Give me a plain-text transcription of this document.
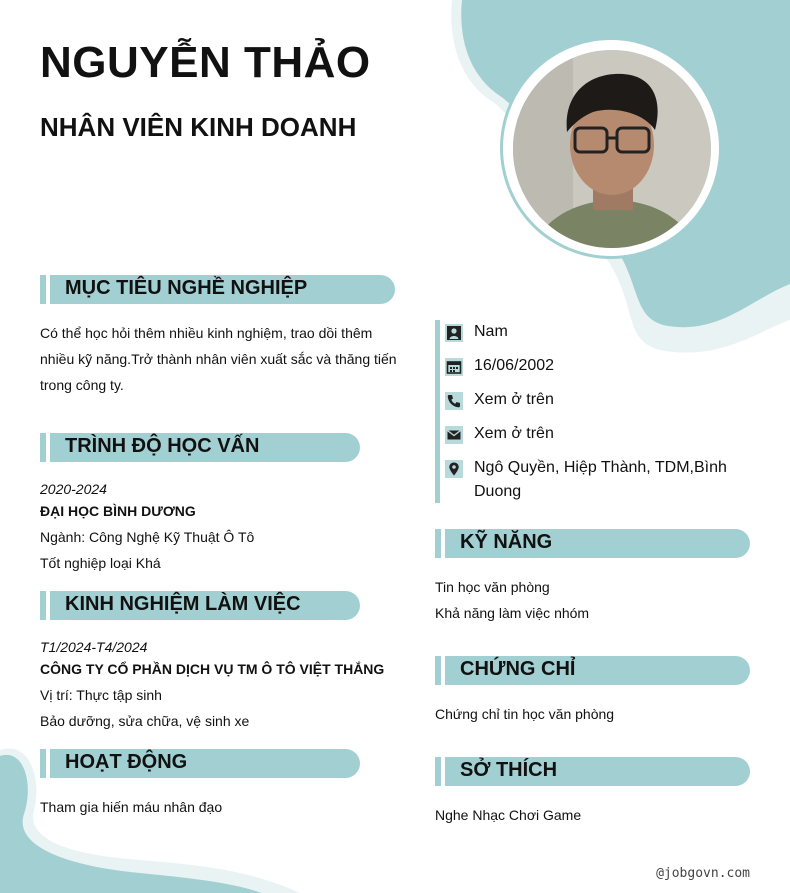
NGUYỄN THẢO
NHÂN VIÊN KINH DOANH
MỤC TIÊU NGHỀ NGHIỆP
Có thể học hỏi thêm nhiều kinh nghiệm, trao dồi thêm
nhiều kỹ năng.Trở thành nhân viên xuất sắc và thăng tiến
trong công ty.
TRÌNH ĐỘ HỌC VẤN
2020-2024
ĐẠI HỌC BÌNH DƯƠNG
Ngành: Công Nghệ Kỹ Thuật Ô Tô
Tốt nghiệp loại Khá
KINH NGHIỆM LÀM VIỆC
T1/2024-T4/2024
CÔNG TY CỔ PHẦN DỊCH VỤ TM Ô TÔ VIỆT THẮNG
Vị trí: Thực tập sinh
Bảo dưỡng, sửa chữa, vệ sinh xe
HOẠT ĐỘNG
Tham gia hiến máu nhân đạo
Nam
16/06/2002
Xem ở trên
Xem ở trên
Ngô Quyền, Hiệp Thành, TDM,Bình
Duong
KỸ NĂNG
Tin học văn phòng
Khả năng làm việc nhóm
CHỨNG CHỈ
Chứng chỉ tin học văn phòng
SỞ THÍCH
Nghe Nhạc Chơi Game
@jobgovn.com
